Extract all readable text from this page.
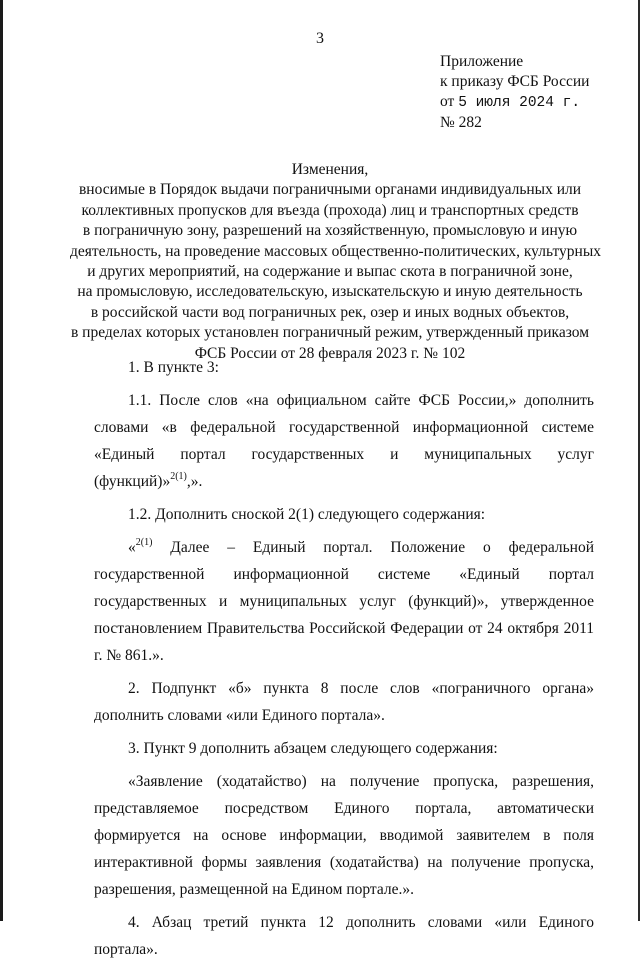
3
Приложение
к приказу ФСБ России
от 5 июля 2024 г.
№ 282
Изменения,
вносимые в Порядок выдачи пограничными органами индивидуальных или
коллективных пропусков для въезда (прохода) лиц и транспортных средств
в пограничную зону, разрешений на хозяйственную, промысловую и иную
деятельность, на проведение массовых общественно-политических, культурных
и других мероприятий, на содержание и выпас скота в пограничной зоне,
на промысловую, исследовательскую, изыскательскую и иную деятельность
в российской части вод пограничных рек, озер и иных водных объектов,
в пределах которых установлен пограничный режим, утвержденный приказом
ФСБ России от 28 февраля 2023 г. № 102

1. В пункте 3:

1.1. После слов «на официальном сайте ФСБ России,» дополнить словами «в федеральной государственной информационной системе «Единый портал государственных и муниципальных услуг (функций)»$^{2(1)}$,».

1.2. Дополнить сноской 2(1) следующего содержания:

«$^{2(1)}$ Далее – Единый портал. Положение о федеральной государственной информационной системе «Единый портал государственных и муниципальных услуг (функций)», утвержденное постановлением Правительства Российской Федерации от 24 октября 2011 г. № 861.».

2. Подпункт «б» пункта 8 после слов «пограничного органа» дополнить словами «или Единого портала».

3. Пункт 9 дополнить абзацем следующего содержания:

«Заявление (ходатайство) на получение пропуска, разрешения, представляемое посредством Единого портала, автоматически формируется на основе информации, вводимой заявителем в поля интерактивной формы заявления (ходатайства) на получение пропуска, разрешения, размещенной на Едином портале.».

4. Абзац третий пункта 12 дополнить словами «или Единого портала».
